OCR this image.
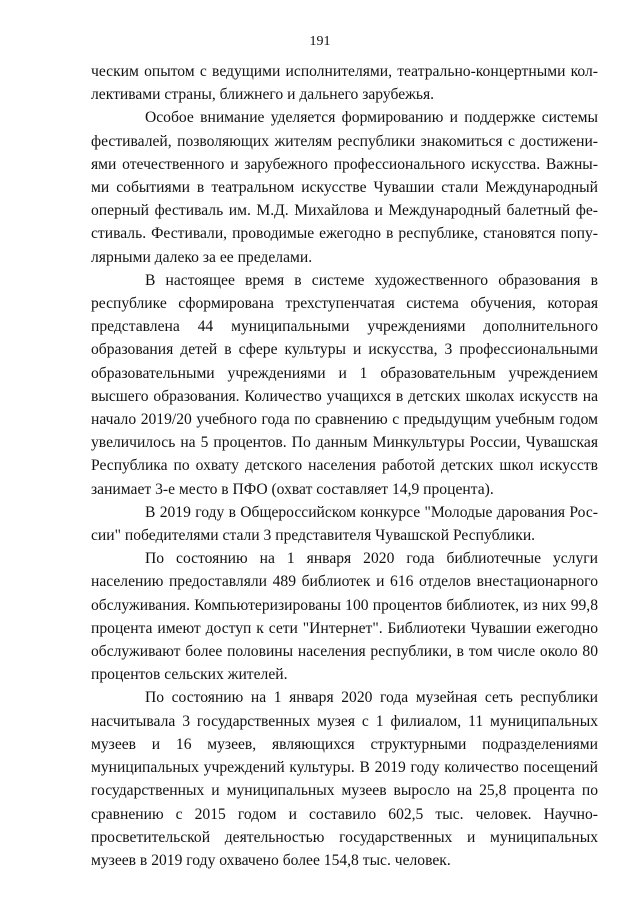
191

ческим опытом с ведущими исполнителями, театрально-концертными коллективами страны, ближнего и дальнего зарубежья.

Особое внимание уделяется формированию и поддержке системы фестивалей, позволяющих жителям республики знакомиться с достижениями отечественного и зарубежного профессионального искусства. Важными событиями в театральном искусстве Чувашии стали Международный оперный фестиваль им. М.Д. Михайлова и Международный балетный фестиваль. Фестивали, проводимые ежегодно в республике, становятся популярными далеко за ее пределами.

В настоящее время в системе художественного образования в республике сформирована трехступенчатая система обучения, которая представлена 44 муниципальными учреждениями дополнительного образования детей в сфере культуры и искусства, 3 профессиональными образовательными учреждениями и 1 образовательным учреждением высшего образования. Количество учащихся в детских школах искусств на начало 2019/20 учебного года по сравнению с предыдущим учебным годом увеличилось на 5 процентов. По данным Минкультуры России, Чувашская Республика по охвату детского населения работой детских школ искусств занимает 3-е место в ПФО (охват составляет 14,9 процента).

В 2019 году в Общероссийском конкурсе "Молодые дарования России" победителями стали 3 представителя Чувашской Республики.

По состоянию на 1 января 2020 года библиотечные услуги населению предоставляли 489 библиотек и 616 отделов внестационарного обслуживания. Компьютеризированы 100 процентов библиотек, из них 99,8 процента имеют доступ к сети "Интернет". Библиотеки Чувашии ежегодно обслуживают более половины населения республики, в том числе около 80 процентов сельских жителей.

По состоянию на 1 января 2020 года музейная сеть республики насчитывала 3 государственных музея с 1 филиалом, 11 муниципальных музеев и 16 музеев, являющихся структурными подразделениями муниципальных учреждений культуры. В 2019 году количество посещений государственных и муниципальных музеев выросло на 25,8 процента по сравнению с 2015 годом и составило 602,5 тыс. человек. Научно-просветительской деятельностью государственных и муниципальных музеев в 2019 году охвачено более 154,8 тыс. человек.
